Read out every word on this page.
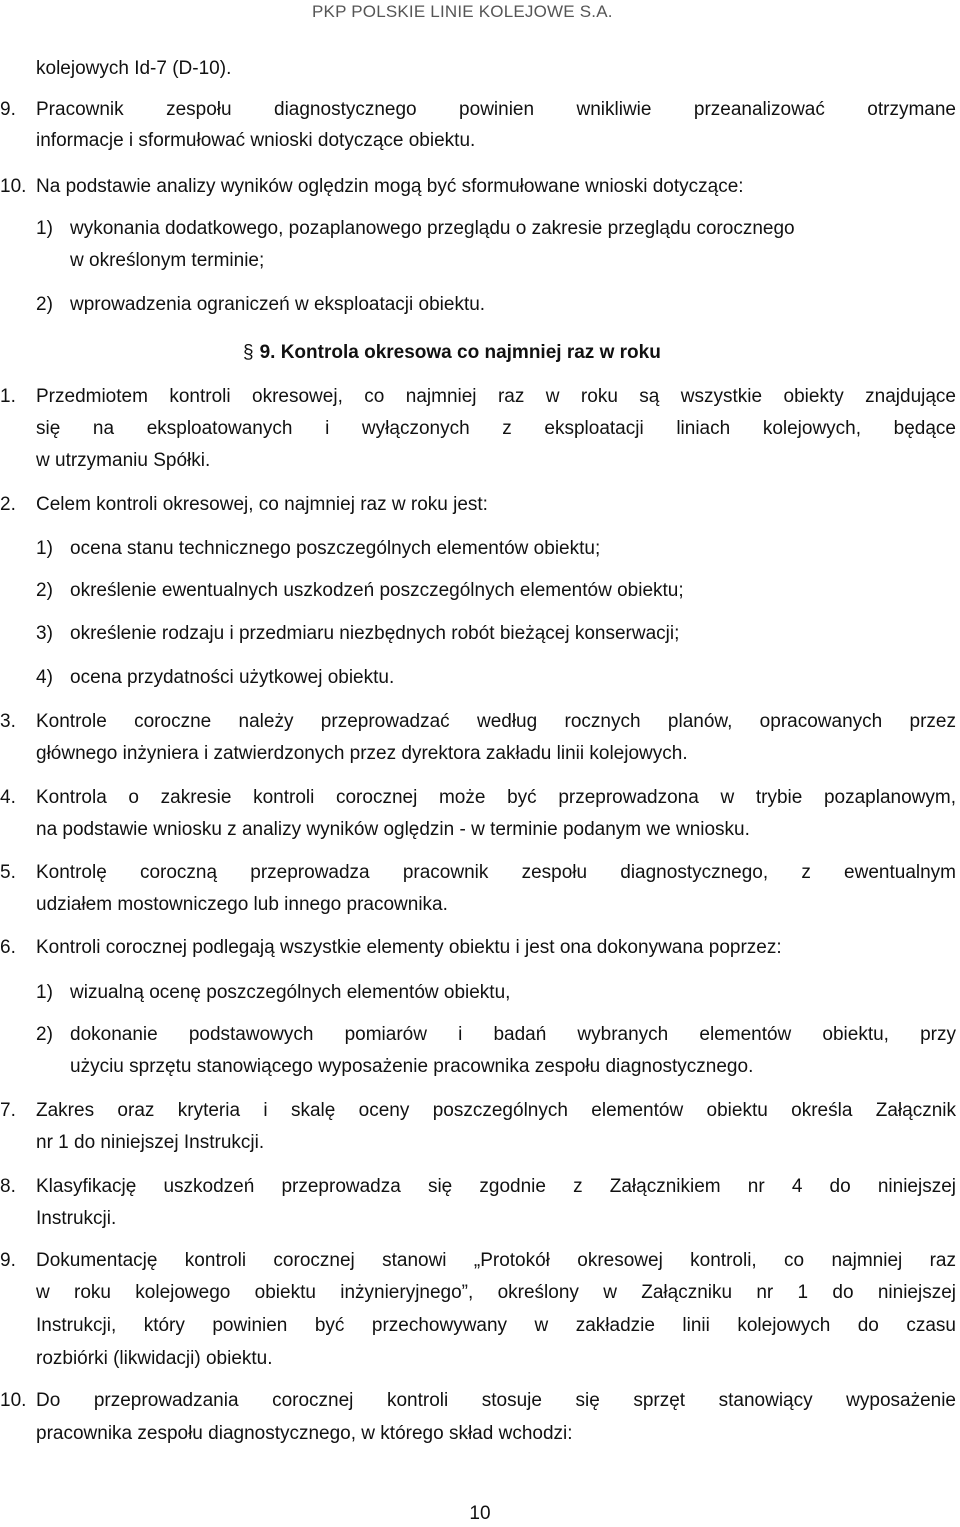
PKP POLSKIE LINIE KOLEJOWE S.A.
kolejowych Id-7 (D-10).
9. Pracownik zespołu diagnostycznego powinien wnikliwie przeanalizować otrzymane
informacje i sformułować wnioski dotyczące obiektu.
10. Na podstawie analizy wyników oględzin mogą być sformułowane wnioski dotyczące:
1) wykonania dodatkowego, pozaplanowego przeglądu o zakresie przeglądu corocznego
w określonym terminie;
2) wprowadzenia ograniczeń w eksploatacji obiektu.
1. Przedmiotem kontroli okresowej, co najmniej raz w roku są wszystkie obiekty znajdujące
się na eksploatowanych i wyłączonych z eksploatacji liniach kolejowych, będące
w utrzymaniu Spółki.
2. Celem kontroli okresowej, co najmniej raz w roku jest:
1) ocena stanu technicznego poszczególnych elementów obiektu;
2) określenie ewentualnych uszkodzeń poszczególnych elementów obiektu;
3) określenie rodzaju i przedmiaru niezbędnych robót bieżącej konserwacji;
4) ocena przydatności użytkowej obiektu.
3. Kontrole coroczne należy przeprowadzać według rocznych planów, opracowanych przez
głównego inżyniera i zatwierdzonych przez dyrektora zakładu linii kolejowych.
4. Kontrola o zakresie kontroli corocznej może być przeprowadzona w trybie pozaplanowym,
na podstawie wniosku z analizy wyników oględzin - w terminie podanym we wniosku.
5. Kontrolę coroczną przeprowadza pracownik zespołu diagnostycznego, z ewentualnym
udziałem mostowniczego lub innego pracownika.
6. Kontroli corocznej podlegają wszystkie elementy obiektu i jest ona dokonywana poprzez:
1) wizualną ocenę poszczególnych elementów obiektu,
2) dokonanie podstawowych pomiarów i badań wybranych elementów obiektu, przy
użyciu sprzętu stanowiącego wyposażenie pracownika zespołu diagnostycznego.
7. Zakres oraz kryteria i skalę oceny poszczególnych elementów obiektu określa Załącznik
nr 1 do niniejszej Instrukcji.
8. Klasyfikację uszkodzeń przeprowadza się zgodnie z Załącznikiem nr 4 do niniejszej
Instrukcji.
9. Dokumentację kontroli corocznej stanowi „Protokół okresowej kontroli, co najmniej raz
w roku kolejowego obiektu inżynieryjnego”, określony w Załączniku nr 1 do niniejszej
Instrukcji, który powinien być przechowywany w zakładzie linii kolejowych do czasu
rozbiórki (likwidacji) obiektu.
10. Do przeprowadzania corocznej kontroli stosuje się sprzęt stanowiący wyposażenie
pracownika zespołu diagnostycznego, w którego skład wchodzi:
§ 9. Kontrola okresowa co najmniej raz w roku
10
